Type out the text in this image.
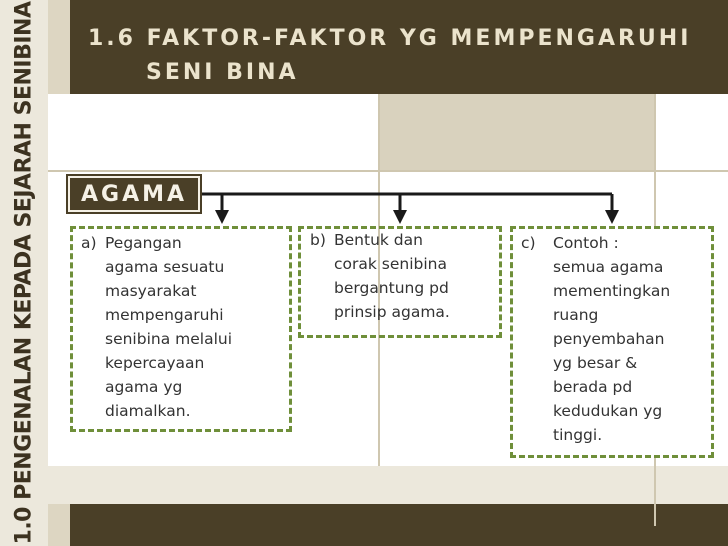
1.0 PENGENALAN KEPADA SEJARAH SENIBINA 1.6 FAKTOR-FAKTOR YG MEMPENGARUHI
SENI BINA
AGAMA
a) Pegangan
agama sesuatu
masyarakat
mempengaruhi
senibina melalui
kepercayaan
agama yg
diamalkan.
b) Bentuk dan
corak senibina
bergantung pd
prinsip agama.
c)	Contoh :
semua agama
mementingkan
ruang
penyembahan
yg besar &
berada pd
kedudukan yg
tinggi.
